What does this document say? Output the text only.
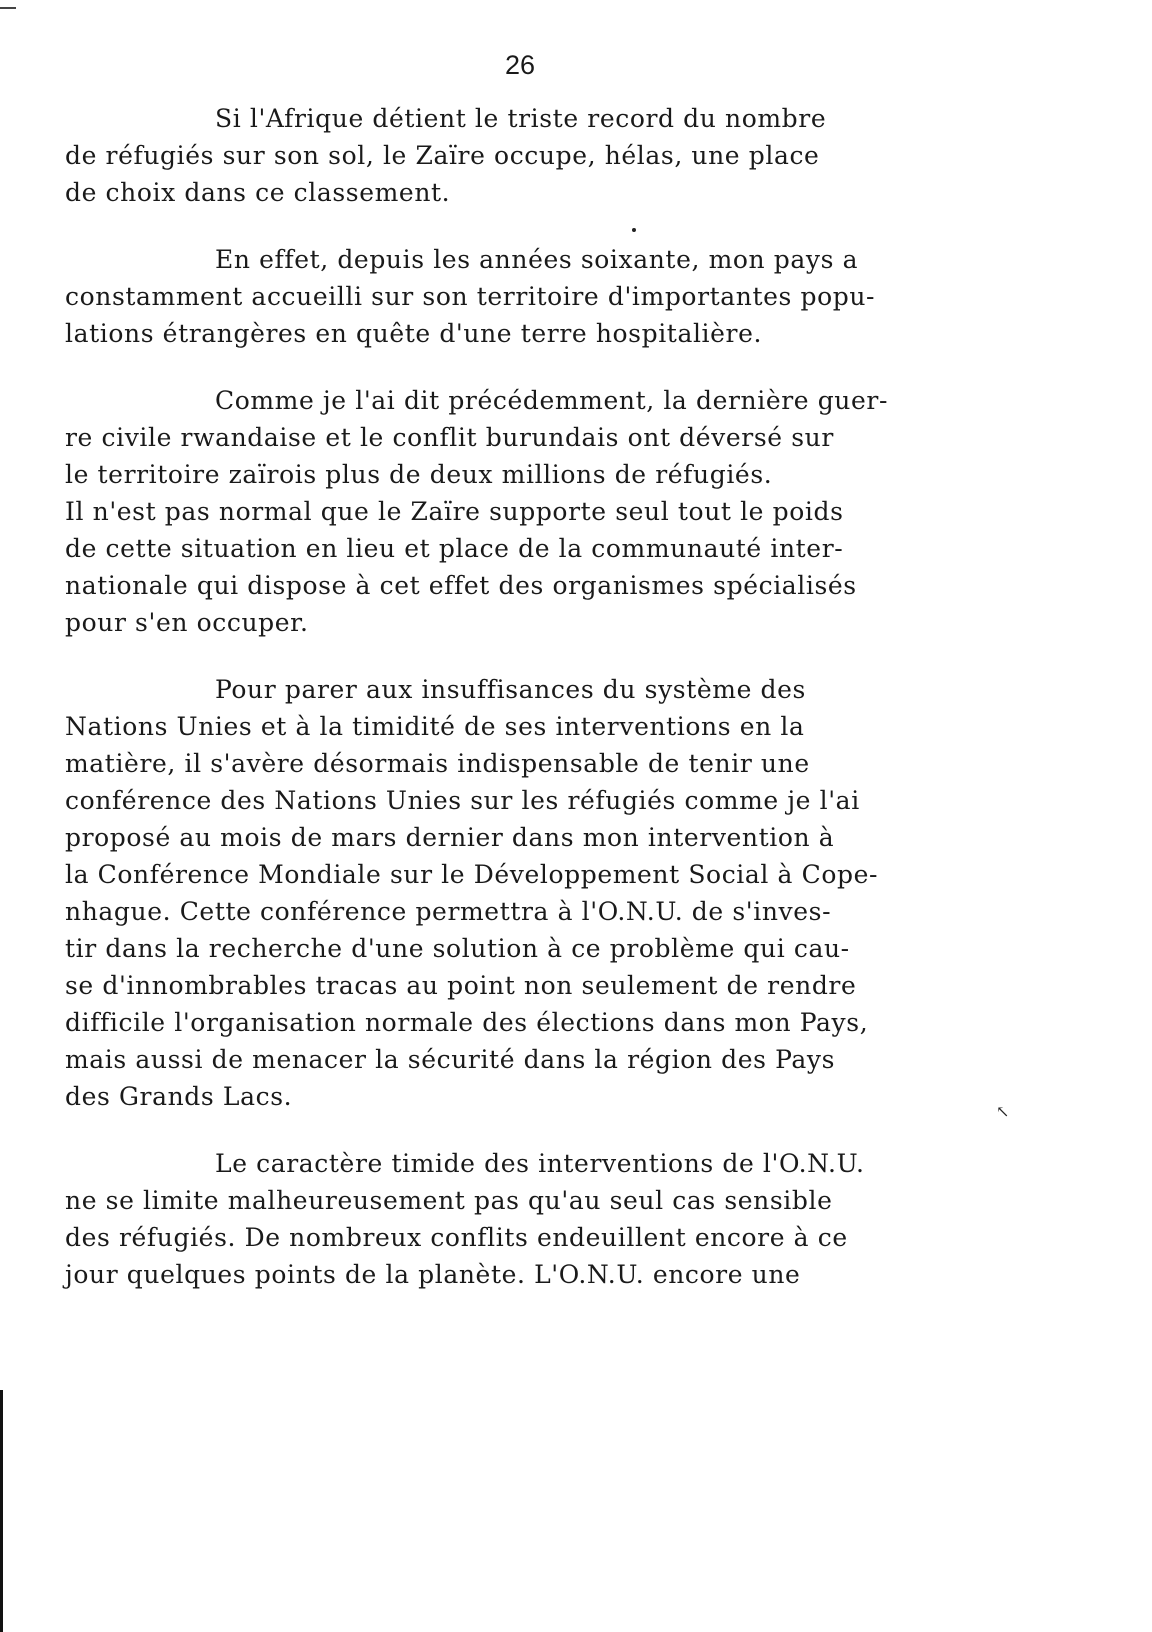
26
Si l'Afrique détient le triste record du nombre
de réfugiés sur son sol, le Zaïre occupe, hélas, une place
de choix dans ce classement.
En effet, depuis les années soixante, mon pays a
constamment accueilli sur son territoire d'importantes popu-
lations étrangères en quête d'une terre hospitalière.
Comme je l'ai dit précédemment, la dernière guer-
re civile rwandaise et le conflit burundais ont déversé sur
le territoire zaïrois plus de deux millions de réfugiés.
Il n'est pas normal que le Zaïre supporte seul tout le poids
de cette situation en lieu et place de la communauté inter-
nationale qui dispose à cet effet des organismes spécialisés
pour s'en occuper.
Pour parer aux insuffisances du système des
Nations Unies et à la timidité de ses interventions en la
matière, il s'avère désormais indispensable de tenir une
conférence des Nations Unies sur les réfugiés comme je l'ai
proposé au mois de mars dernier dans mon intervention à
la Conférence Mondiale sur le Développement Social à Cope-
nhague. Cette conférence permettra à l'O.N.U. de s'inves-
tir dans la recherche d'une solution à ce problème qui cau-
se d'innombrables tracas au point non seulement de rendre
difficile l'organisation normale des élections dans mon Pays,
mais aussi de menacer la sécurité dans la région des Pays
des Grands Lacs.
Le caractère timide des interventions de l'O.N.U.
ne se limite malheureusement pas qu'au seul cas sensible
des réfugiés. De nombreux conflits endeuillent encore à ce
jour quelques points de la planète. L'O.N.U. encore une
↖
